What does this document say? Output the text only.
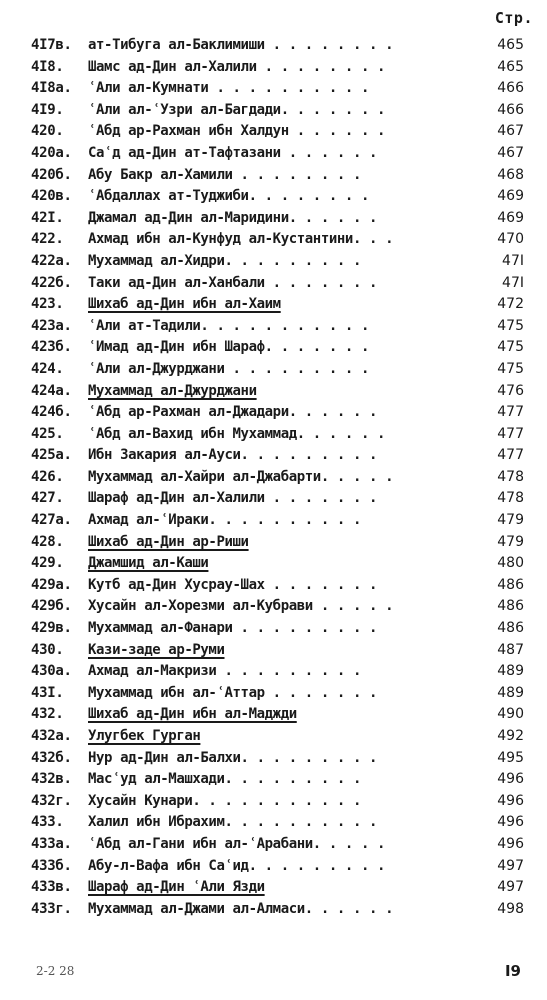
Стр.
4I7в. ат-Тибуга ал-Баклимиши . . . . . . . .	465
4I8. Шамс ад-Дин ал-Халили . . . . . . . .	465
4I8а. ʿАли ал-Кумнати . . . . . . . . . .	466
4I9. ʿАли ал-ʿУзри ал-Багдади. . . . . . .	466
420. ʿАбд ар-Рахман ибн Халдун . . . . . .	467
420а. Саʿд ад-Дин ат-Тафтазани . . . . . .	467
420б. Абу Бакр ал-Хамили . . . . . . . .	468
420в. ʿАбдаллах ат-Туджиби. . . . . . . .	469
42I. Джамал ад-Дин ал-Маридини. . . . . .	469
422. Ахмад ибн ал-Кунфуд ал-Кустантини. . .	470
422а. Мухаммад ал-Хидри. . . . . . . . .	47I
422б. Таки ад-Дин ал-Ханбали . . . . . . .	47I
423. Шихаб ад-Дин ибн ал-Хаим	472
423а. ʿАли ат-Тадили. . . . . . . . . . .	475
423б. ʿИмад ад-Дин ибн Шараф. . . . . . .	475
424. ʿАли ал-Джурджани . . . . . . . . .	475
424а. Мухаммад ал-Джурджани	476
424б. ʿАбд ар-Рахман ал-Джадари. . . . . .	477
425. ʿАбд ал-Вахид ибн Мухаммад. . . . . .	477
425а. Ибн Закария ал-Ауси. . . . . . . . .	477
426. Мухаммад ал-Хайри ал-Джабарти. . . . .	478
427. Шараф ад-Дин ал-Халили . . . . . . .	478
427а. Ахмад ал-ʿИраки. . . . . . . . . .	479
428. Шихаб ад-Дин ар-Риши	479
429. Джамшид ал-Каши	480
429а. Кутб ад-Дин Хусрау-Шах . . . . . . .	486
429б. Хусайн ал-Хорезми ал-Кубрави . . . . .	486
429в. Мухаммад ал-Фанари . . . . . . . . .	486
430. Кази-заде ар-Руми	487
430а. Ахмад ал-Макризи . . . . . . . . .	489
43I. Мухаммад ибн ал-ʿАттар . . . . . . .	489
432. Шихаб ад-Дин ибн ал-Маджди	490
432а. Улугбек Гурган	492
432б. Нур ад-Дин ал-Балхи. . . . . . . . .	495
432в. Масʿуд ал-Машхади. . . . . . . . .	496
432г. Хусайн Кунари. . . . . . . . . . .	496
433. Халил ибн Ибрахим. . . . . . . . . .	496
433а. ʿАбд ал-Гани ибн ал-ʿАрабани. . . . .	496
433б. Абу-л-Вафа ибн Саʿид. . . . . . . . .	497
433в. Шараф ад-Дин ʿАли Язди	497
433г. Мухаммад ал-Джами ал-Алмаси. . . . . .	498
2-2 28	I9
